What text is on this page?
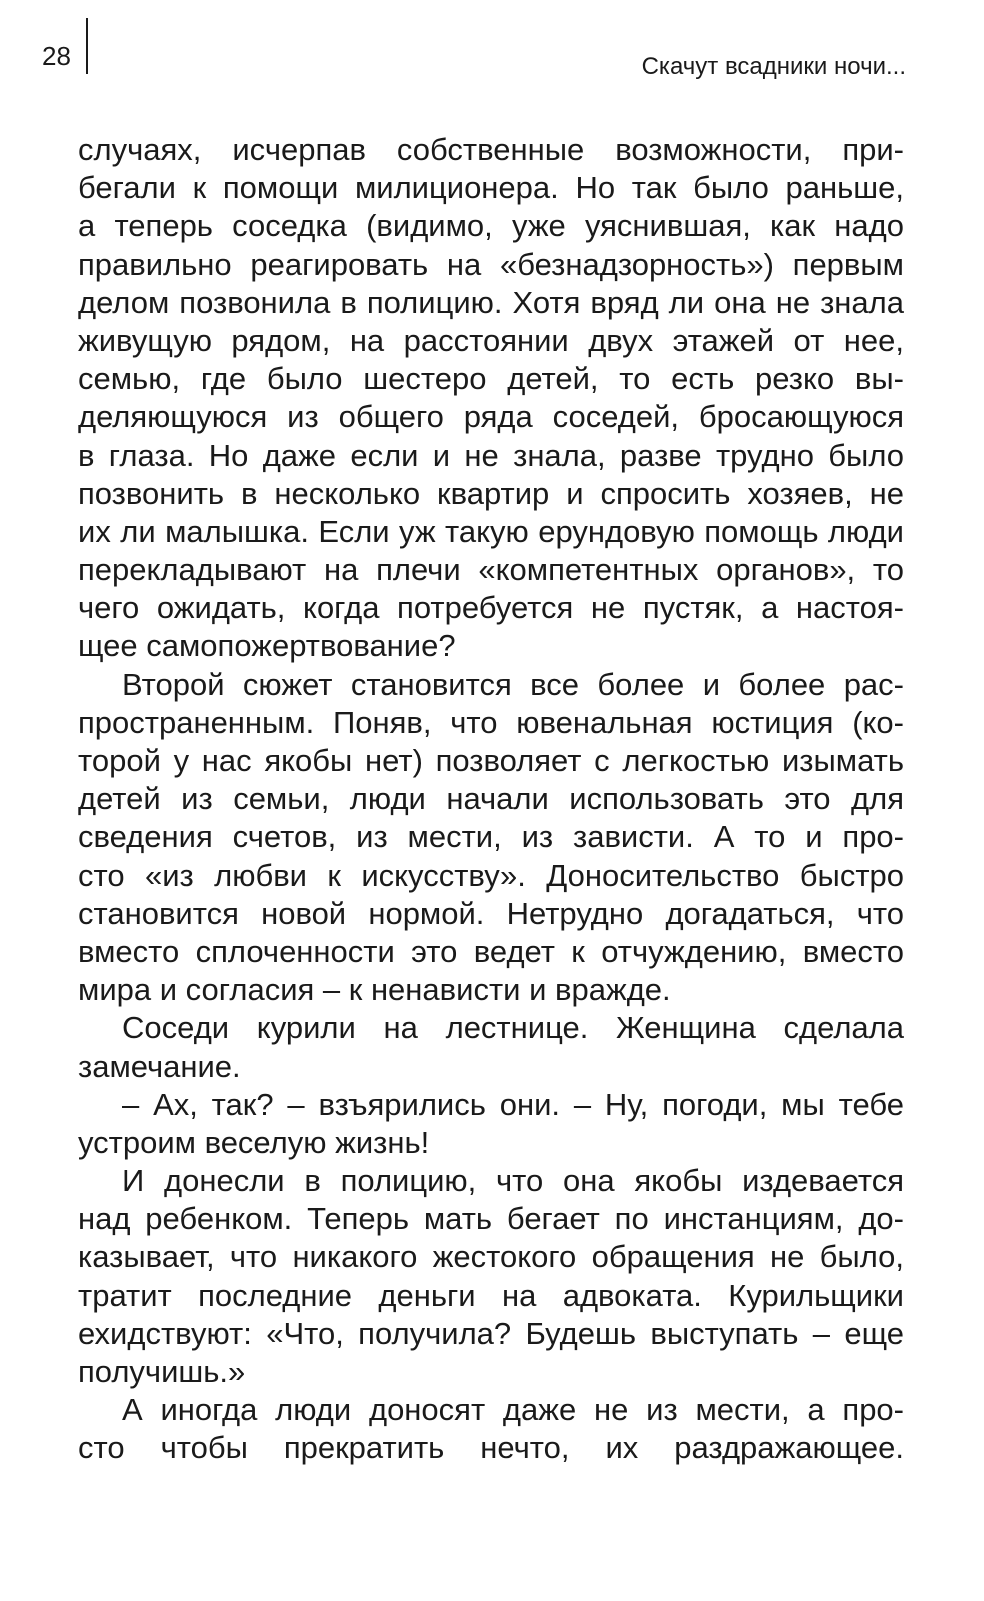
28	Скачут всадники ночи...
случаях, исчерпав собственные возможности, при-
бегали к помощи милиционера. Но так было раньше,
а теперь соседка (видимо, уже уяснившая, как надо
правильно реагировать на «безнадзорность») первым
делом позвонила в полицию. Хотя вряд ли она не знала
живущую рядом, на расстоянии двух этажей от нее,
семью, где было шестеро детей, то есть резко вы-
деляющуюся из общего ряда соседей, бросающуюся
в глаза. Но даже если и не знала, разве трудно было
позвонить в несколько квартир и спросить хозяев, не
их ли малышка. Если уж такую ерундовую помощь люди
перекладывают на плечи «компетентных органов», то
чего ожидать, когда потребуется не пустяк, а настоя-
щее самопожертвование?
Второй сюжет становится все более и более рас-
пространенным. Поняв, что ювенальная юстиция (ко-
торой у нас якобы нет) позволяет с легкостью изымать
детей из семьи, люди начали использовать это для
сведения счетов, из мести, из зависти. А то и про-
сто «из любви к искусству». Доносительство быстро
становится новой нормой. Нетрудно догадаться, что
вместо сплоченности это ведет к отчуждению, вместо
мира и согласия – к ненависти и вражде.
Соседи курили на лестнице. Женщина сделала
замечание.
– Ах, так? – взъярились они. – Ну, погоди, мы тебе
устроим веселую жизнь!
И донесли в полицию, что она якобы издевается
над ребенком. Теперь мать бегает по инстанциям, до-
казывает, что никакого жестокого обращения не было,
тратит последние деньги на адвоката. Курильщики
ехидствуют: «Что, получила? Будешь выступать – еще
получишь.»
А иногда люди доносят даже не из мести, а про-
сто чтобы прекратить нечто, их раздражающее.
